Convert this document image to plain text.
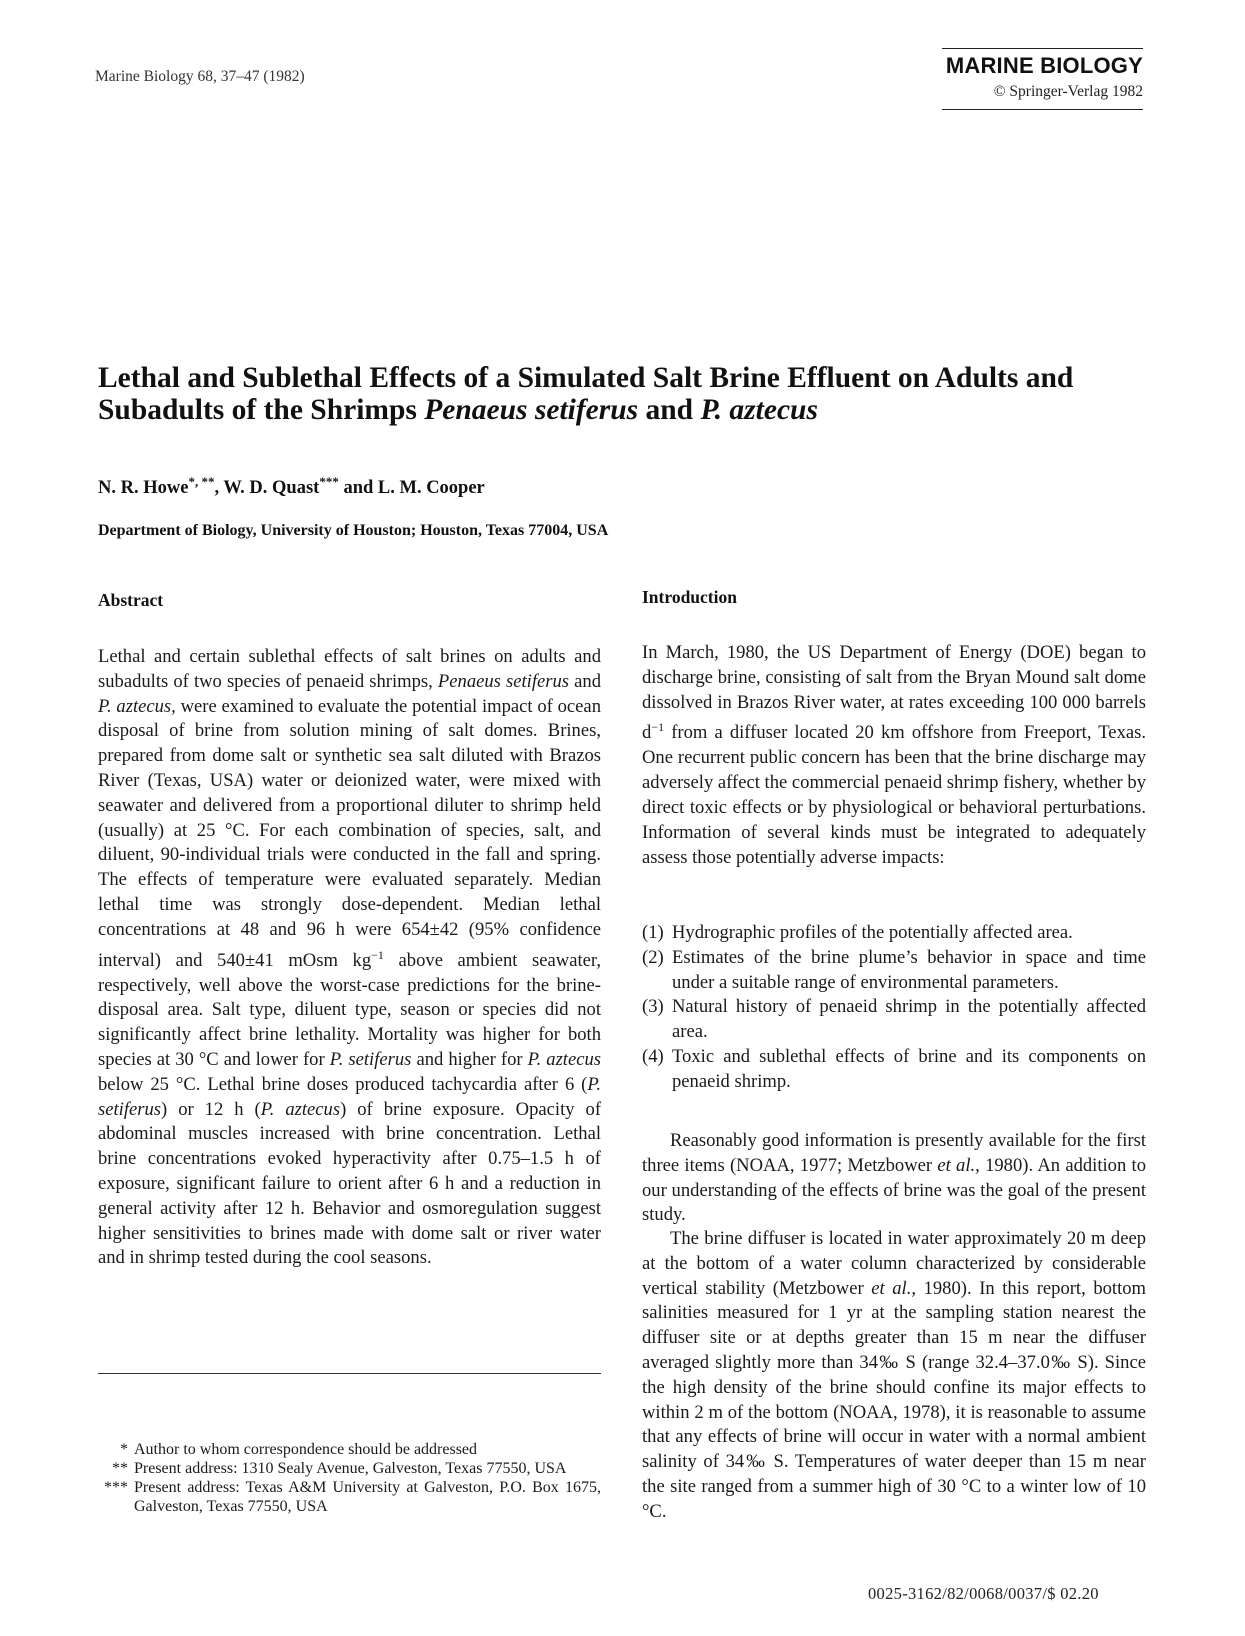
Marine Biology 68, 37–47 (1982)	MARINE BIOLOGY
© Springer-Verlag 1982
Lethal and Sublethal Effects of a Simulated Salt Brine Effluent on Adults and
Subadults of the Shrimps Penaeus setiferus and P. aztecus
N. R. Howe*, **, W. D. Quast*** and L. M. Cooper
Department of Biology, University of Houston; Houston, Texas 77004, USA
Abstract
Lethal and certain sublethal effects of salt brines on adults and subadults of two species of penaeid shrimps, Penaeus setiferus and P. aztecus, were examined to evaluate the potential impact of ocean disposal of brine from solution mining of salt domes. Brines, prepared from dome salt or synthetic sea salt diluted with Brazos River (Texas, USA) water or deionized water, were mixed with seawater and delivered from a proportional diluter to shrimp held (usually) at 25 °C. For each combination of species, salt, and diluent, 90-individual trials were conducted in the fall and spring. The effects of temperature were evaluated separately. Median lethal time was strongly dose-dependent. Median lethal concentrations at 48 and 96 h were 654±42 (95% confidence interval) and 540±41 mOsm $kg^{-1}$ above ambient seawater, respectively, well above the worst-case predictions for the brine-disposal area. Salt type, diluent type, season or species did not significantly affect brine lethality. Mortality was higher for both species at 30 °C and lower for P. setiferus and higher for P. aztecus below 25 °C. Lethal brine doses produced tachycardia after 6 (P. setiferus) or 12 h (P. aztecus) of brine exposure. Opacity of abdominal muscles increased with brine concentration. Lethal brine concentrations evoked hyperactivity after 0.75–1.5 h of exposure, significant failure to orient after 6 h and a reduction in general activity after 12 h. Behavior and osmoregulation suggest higher sensitivities to brines made with dome salt or river water and in shrimp tested during the cool seasons.
Introduction
In March, 1980, the US Department of Energy (DOE) began to discharge brine, consisting of salt from the Bryan Mound salt dome dissolved in Brazos River water, at rates exceeding 100 000 barrels $d^{-1}$ from a diffuser located 20 km offshore from Freeport, Texas. One recurrent public concern has been that the brine discharge may adversely affect the commercial penaeid shrimp fishery, whether by direct toxic effects or by physiological or behavioral perturbations. Information of several kinds must be integrated to adequately assess those potentially adverse impacts:
(1) Hydrographic profiles of the potentially affected area.
(2) Estimates of the brine plume’s behavior in space and time under a suitable range of environmental parameters.
(3) Natural history of penaeid shrimp in the potentially affected area.
(4) Toxic and sublethal effects of brine and its components on penaeid shrimp.
Reasonably good information is presently available for the first three items (NOAA, 1977; Metzbower et al., 1980). An addition to our understanding of the effects of brine was the goal of the present study.
The brine diffuser is located in water approximately 20 m deep at the bottom of a water column characterized by considerable vertical stability (Metzbower et al., 1980). In this report, bottom salinities measured for 1 yr at the sampling station nearest the diffuser site or at depths greater than 15 m near the diffuser averaged slightly more than 34‰ S (range 32.4–37.0‰ S). Since the high density of the brine should confine its major effects to within 2 m of the bottom (NOAA, 1978), it is reasonable to assume that any effects of brine will occur in water with a normal ambient salinity of 34‰ S. Temperatures of water deeper than 15 m near the site ranged from a summer high of 30 °C to a winter low of 10 °C.
* Author to whom correspondence should be addressed
** Present address: 1310 Sealy Avenue, Galveston, Texas 77550, USA
*** Present address: Texas A&M University at Galveston, P.O. Box 1675, Galveston, Texas 77550, USA
0025-3162/82/0068/0037/$ 02.20
